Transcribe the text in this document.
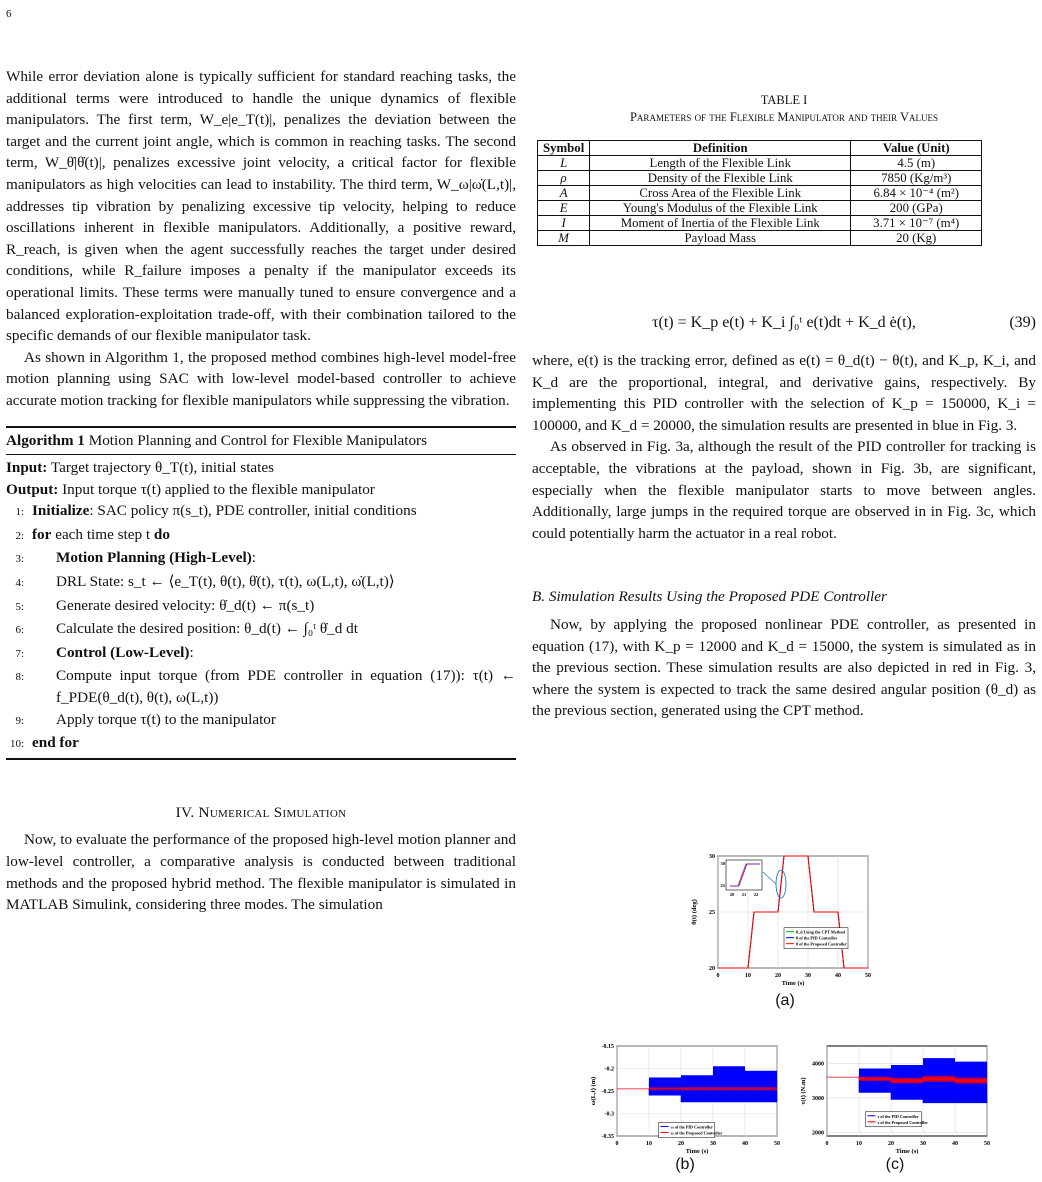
6

While error deviation alone is typically sufficient for standard reaching tasks, the additional terms were introduced to handle the unique dynamics of flexible manipulators. The first term, W_e|e_T(t)|, penalizes the deviation between the target and the current joint angle, which is common in reaching tasks. The second term, W_θ̇|θ̇(t)|, penalizes excessive joint velocity, a critical factor for flexible manipulators as high velocities can lead to instability. The third term, W_ω|ω̇(L,t)|, addresses tip vibration by penalizing excessive tip velocity, helping to reduce oscillations inherent in flexible manipulators. Additionally, a positive reward, R_reach, is given when the agent successfully reaches the target under desired conditions, while R_failure imposes a penalty if the manipulator exceeds its operational limits. These terms were manually tuned to ensure convergence and a balanced exploration-exploitation trade-off, with their combination tailored to the specific demands of our flexible manipulator task.

As shown in Algorithm 1, the proposed method combines high-level model-free motion planning using SAC with low-level model-based controller to achieve accurate motion tracking for flexible manipulators while suppressing the vibration.

Algorithm 1 Motion Planning and Control for Flexible Manipulators
Input: Target trajectory θ_T(t), initial states
Output: Input torque τ(t) applied to the flexible manipulator
1: Initialize: SAC policy π(s_t), PDE controller, initial conditions
2: for each time step t do
3:	Motion Planning (High-Level):
4:	DRL State: s_t ← ⟨e_T(t), θ(t), θ̇(t), τ(t), ω(L,t), ω̇(L,t)⟩
5:	Generate desired velocity: θ̇_d(t) ← π(s_t)
6:	Calculate the desired position: θ_d(t) ← ∫₀ᵗ θ̇_d dt
7:	Control (Low-Level):
8:	Compute input torque (from PDE controller in equation (17)): τ(t) ← f_PDE(θ_d(t), θ(t), ω(L,t))
9:	Apply torque τ(t) to the manipulator
10: end for
IV. Numerical Simulation

Now, to evaluate the performance of the proposed high-level motion planner and low-level controller, a comparative analysis is conducted between traditional methods and the proposed hybrid method. The flexible manipulator is simulated in MATLAB Simulink, considering three modes. The simulation

TABLE I
Parameters of the Flexible Manipulator and their Values
Symbol	Definition	Value (Unit)
L	Length of the Flexible Link	4.5 (m)
ρ	Density of the Flexible Link	7850 (Kg/m³)
A	Cross Area of the Flexible Link	6.84 × 10⁻⁴ (m²)
E	Young's Modulus of the Flexible Link	200 (GPa)
I	Moment of Inertia of the Flexible Link	3.71 × 10⁻⁷ (m⁴)
M	Payload Mass	20 (Kg)
τ(t) = K_p e(t) + K_i ∫₀ᵗ e(t)dt + K_d ė(t),	(39)

where, e(t) is the tracking error, defined as e(t) = θ_d(t) − θ(t), and K_p, K_i, and K_d are the proportional, integral, and derivative gains, respectively. By implementing this PID controller with the selection of K_p = 150000, K_i = 100000, and K_d = 20000, the simulation results are presented in blue in Fig. 3.

As observed in Fig. 3a, although the result of the PID controller for tracking is acceptable, the vibrations at the payload, shown in Fig. 3b, are significant, especially when the flexible manipulator starts to move between angles. Additionally, large jumps in the required torque are observed in in Fig. 3c, which could potentially harm the actuator in a real robot.

B. Simulation Results Using the Proposed PDE Controller

Now, by applying the proposed nonlinear PDE controller, as presented in equation (17), with K_p = 12000 and K_d = 15000, the system is simulated as in the previous section. These simulation results are also depicted in red in Fig. 3, where the system is expected to track the same desired angular position (θ_d) as the previous section, generated using the CPT method.

0	10	20	30	40	50
20
25
30
Time (s)
θ(t) (deg)
25
30
20 21 22
θ_d Using the CPT Method
θ of the PID Controller
θ of the Proposed Controller
(a)
0	10	20	30	40	50
-0.35
-0.3
-0.25
-0.2
-0.15
Time (s)
ω(L,t) (m)
ω of the PID Controller
ω of the Proposed Controller
(b)
0	10	20	30	40	50
2000
3000
4000
Time (s)
τ(t) (N.m)
τ of the PID Controller
τ of the Proposed Controller
(c)
